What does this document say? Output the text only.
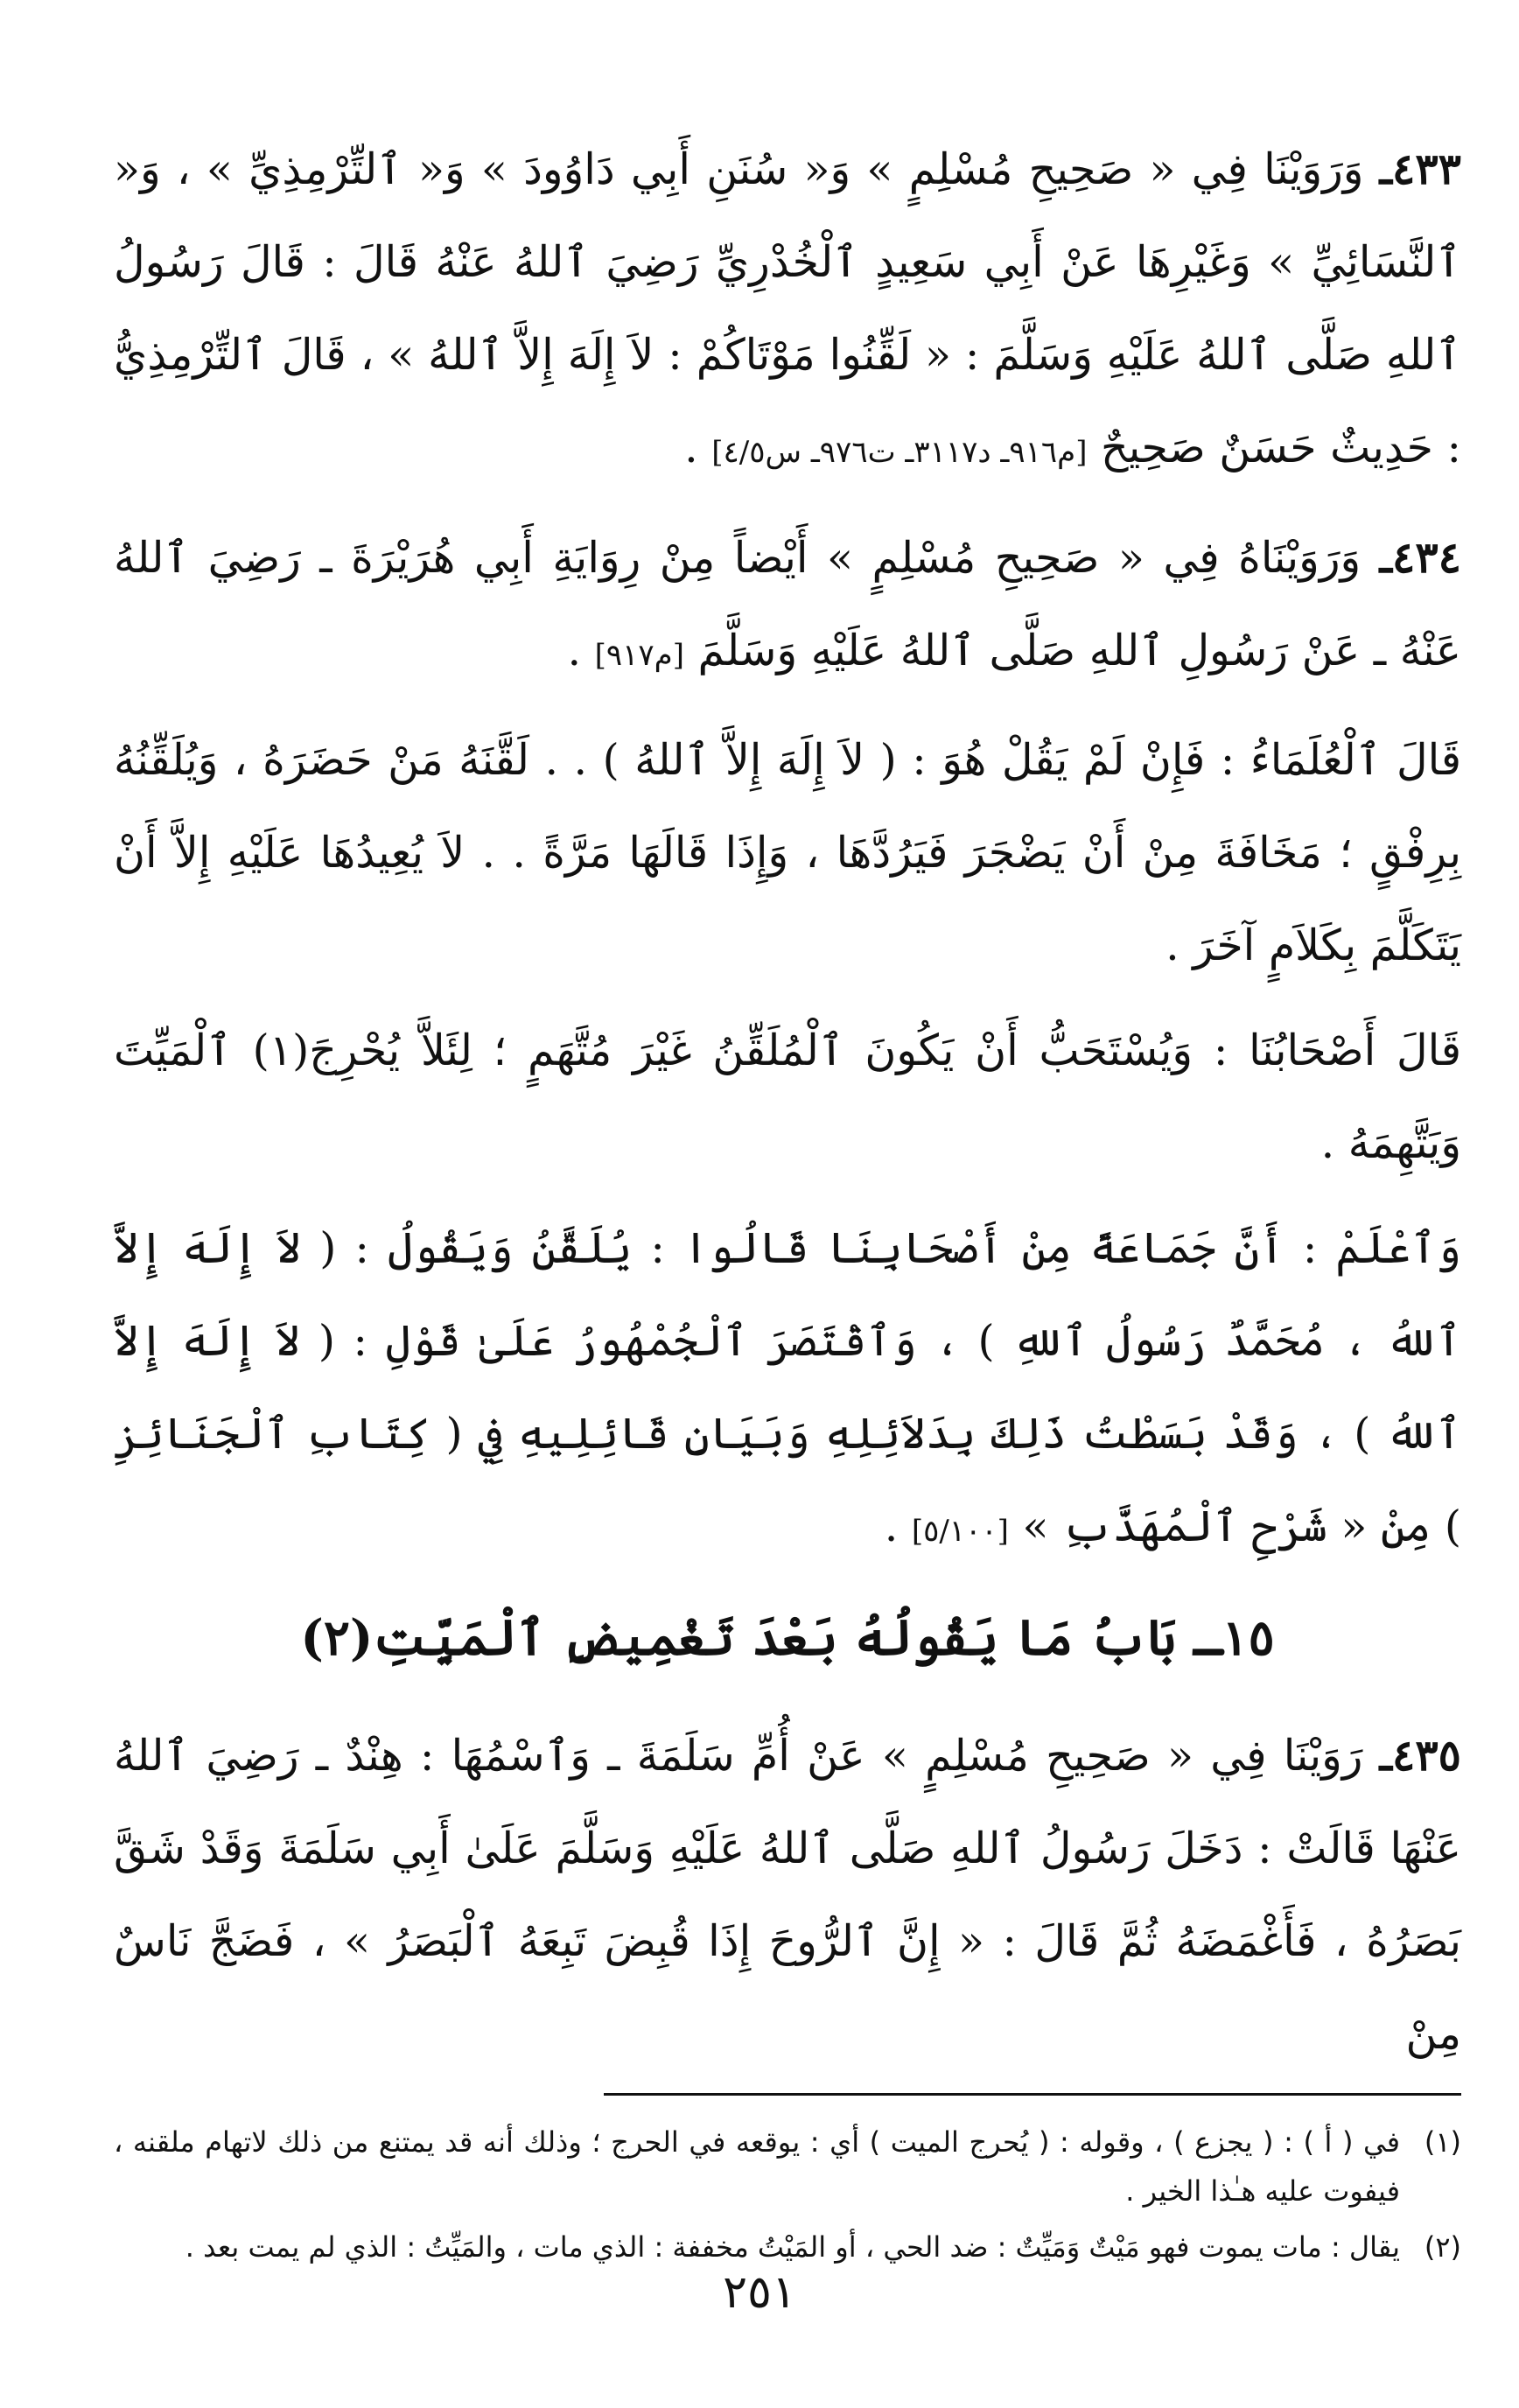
٤٣٣ـ وَرَوَيْنَا فِي « صَحِيحِ مُسْلِمٍ » وَ« سُنَنِ أَبِي دَاوُودَ » وَ« ٱلتِّرْمِذِيِّ » ، وَ« ٱلنَّسَائِيِّ » وَغَيْرِهَا عَنْ أَبِي سَعِيدٍ ٱلْخُدْرِيِّ رَضِيَ ٱللهُ عَنْهُ قَالَ : قَالَ رَسُولُ ٱللهِ صَلَّى ٱللهُ عَلَيْهِ وَسَلَّمَ : « لَقِّنُوا مَوْتَاكُمْ : لاَ إِلَهَ إِلاَّ ٱللهُ » ، قَالَ ٱلتِّرْمِذِيُّ : حَدِيثٌ حَسَنٌ صَحِيحٌ [م٩١٦ـ د٣١١٧ـ ت٩٧٦ـ س٤/٥] .

٤٣٤ـ وَرَوَيْنَاهُ فِي « صَحِيحِ مُسْلِمٍ » أَيْضاً مِنْ رِوَايَةِ أَبِي هُرَيْرَةَ ـ رَضِيَ ٱللهُ عَنْهُ ـ عَنْ رَسُولِ ٱللهِ صَلَّى ٱللهُ عَلَيْهِ وَسَلَّمَ [م٩١٧] .

قَالَ ٱلْعُلَمَاءُ : فَإِنْ لَمْ يَقُلْ هُوَ : ( لاَ إِلَهَ إِلاَّ ٱللهُ ) . . لَقَّنَهُ مَنْ حَضَرَهُ ، وَيُلَقِّنُهُ بِرِفْقٍ ؛ مَخَافَةَ مِنْ أَنْ يَضْجَرَ فَيَرُدَّهَا ، وَإِذَا قَالَهَا مَرَّةً . . لاَ يُعِيدُهَا عَلَيْهِ إِلاَّ أَنْ يَتَكَلَّمَ بِكَلاَمٍ آخَرَ .

قَالَ أَصْحَابُنَا : وَيُسْتَحَبُّ أَنْ يَكُونَ ٱلْمُلَقِّنُ غَيْرَ مُتَّهَمٍ ؛ لِئَلاَّ يُحْرِجَ(١) ٱلْمَيِّتَ وَيَتَّهِمَهُ .

وَٱعْلَمْ : أَنَّ جَمَاعَةً مِنْ أَصْحَابِنَا قَالُوا : يُلَقَّنُ وَيَقُولُ : ( لاَ إِلَهَ إِلاَّ ٱللهُ ، مُحَمَّدٌ رَسُولُ ٱللهِ ) ، وَٱقْتَصَرَ ٱلْجُمْهُورُ عَلَىٰ قَوْلِ : ( لاَ إِلَهَ إِلاَّ ٱللهُ ) ، وَقَدْ بَسَطْتُ ذَلِكَ بِدَلاَئِلِهِ وَبَيَانِ قَائِلِيهِ فِي ( كِتَابِ ٱلْجَنَائِزِ ) مِنْ « شَرْحِ ٱلْمُهَذَّبِ » [٥/١٠٠] .

١٥ـ بَابُ مَا يَقُولُهُ بَعْدَ تَغْمِيضِ ٱلْمَيِّتِ(٢)

٤٣٥ـ رَوَيْنَا فِي « صَحِيحِ مُسْلِمٍ » عَنْ أُمِّ سَلَمَةَ ـ وَٱسْمُهَا : هِنْدٌ ـ رَضِيَ ٱللهُ عَنْهَا قَالَتْ : دَخَلَ رَسُولُ ٱللهِ صَلَّى ٱللهُ عَلَيْهِ وَسَلَّمَ عَلَىٰ أَبِي سَلَمَةَ وَقَدْ شَقَّ بَصَرُهُ ، فَأَغْمَضَهُ ثُمَّ قَالَ : « إِنَّ ٱلرُّوحَ إِذَا قُبِضَ تَبِعَهُ ٱلْبَصَرُ » ، فَضَجَّ نَاسٌ مِنْ

(١)
في ( أ ) : ( يجزع ) ، وقوله : ( يُحرج الميت ) أي : يوقعه في الحرج ؛ وذلك أنه قد يمتنع من ذلك لاتهام ملقنه ، فيفوت عليه هـٰذا الخير .
(٢)
يقال : مات يموت فهو مَيْتٌ وَمَيِّتٌ : ضد الحي ، أو المَيْتُ مخففة : الذي مات ، والمَيِّتُ : الذي لم يمت بعد .
٢٥١
